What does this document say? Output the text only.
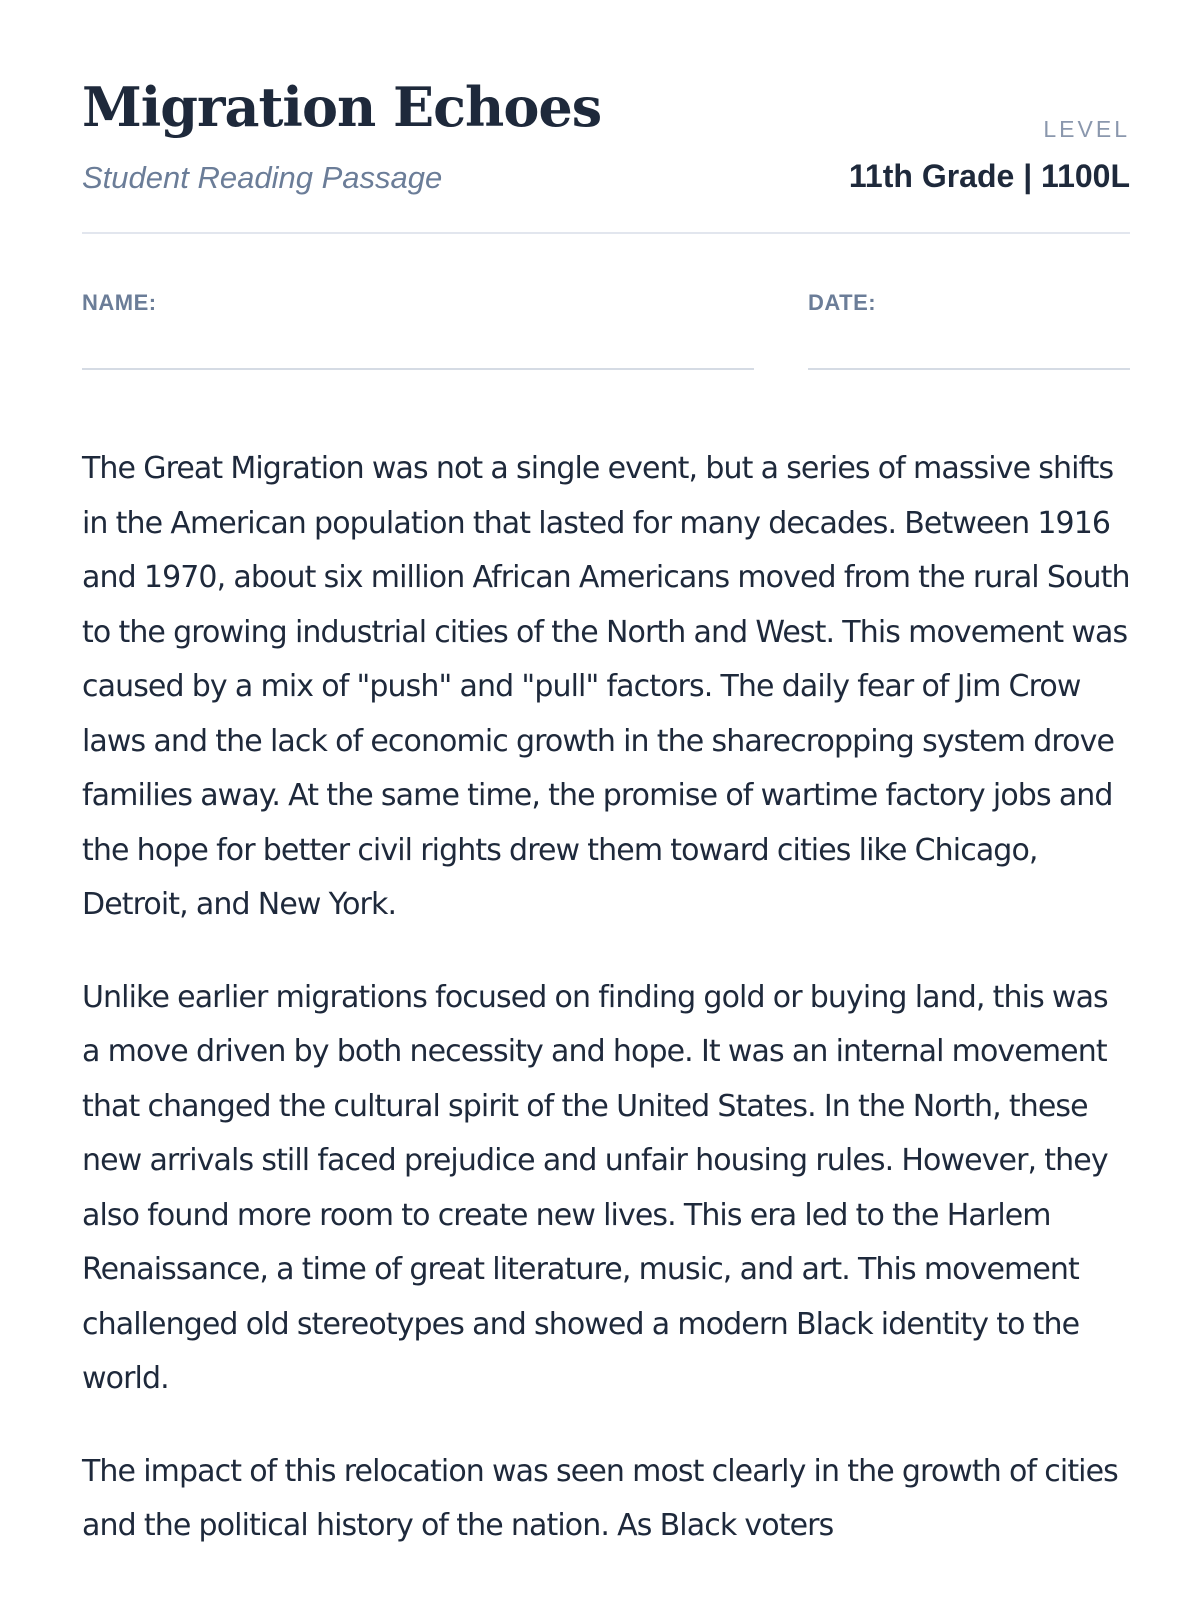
Migration Echoes
Student Reading Passage
LEVEL
11th Grade | 1100L
NAME:	DATE:

The Great Migration was not a single event, but a series of massive shifts in the American population that lasted for many decades. Between 1916 and 1970, about six million African Americans moved from the rural South to the growing industrial cities of the North and West. This movement was caused by a mix of "push" and "pull" factors. The daily fear of Jim Crow laws and the lack of economic growth in the sharecropping system drove families away. At the same time, the promise of wartime factory jobs and the hope for better civil rights drew them toward cities like Chicago, Detroit, and New York.

Unlike earlier migrations focused on finding gold or buying land, this was a move driven by both necessity and hope. It was an internal movement that changed the cultural spirit of the United States. In the North, these new arrivals still faced prejudice and unfair housing rules. However, they also found more room to create new lives. This era led to the Harlem Renaissance, a time of great literature, music, and art. This movement challenged old stereotypes and showed a modern Black identity to the world.

The impact of this relocation was seen most clearly in the growth of cities and the political history of the nation. As Black voters
